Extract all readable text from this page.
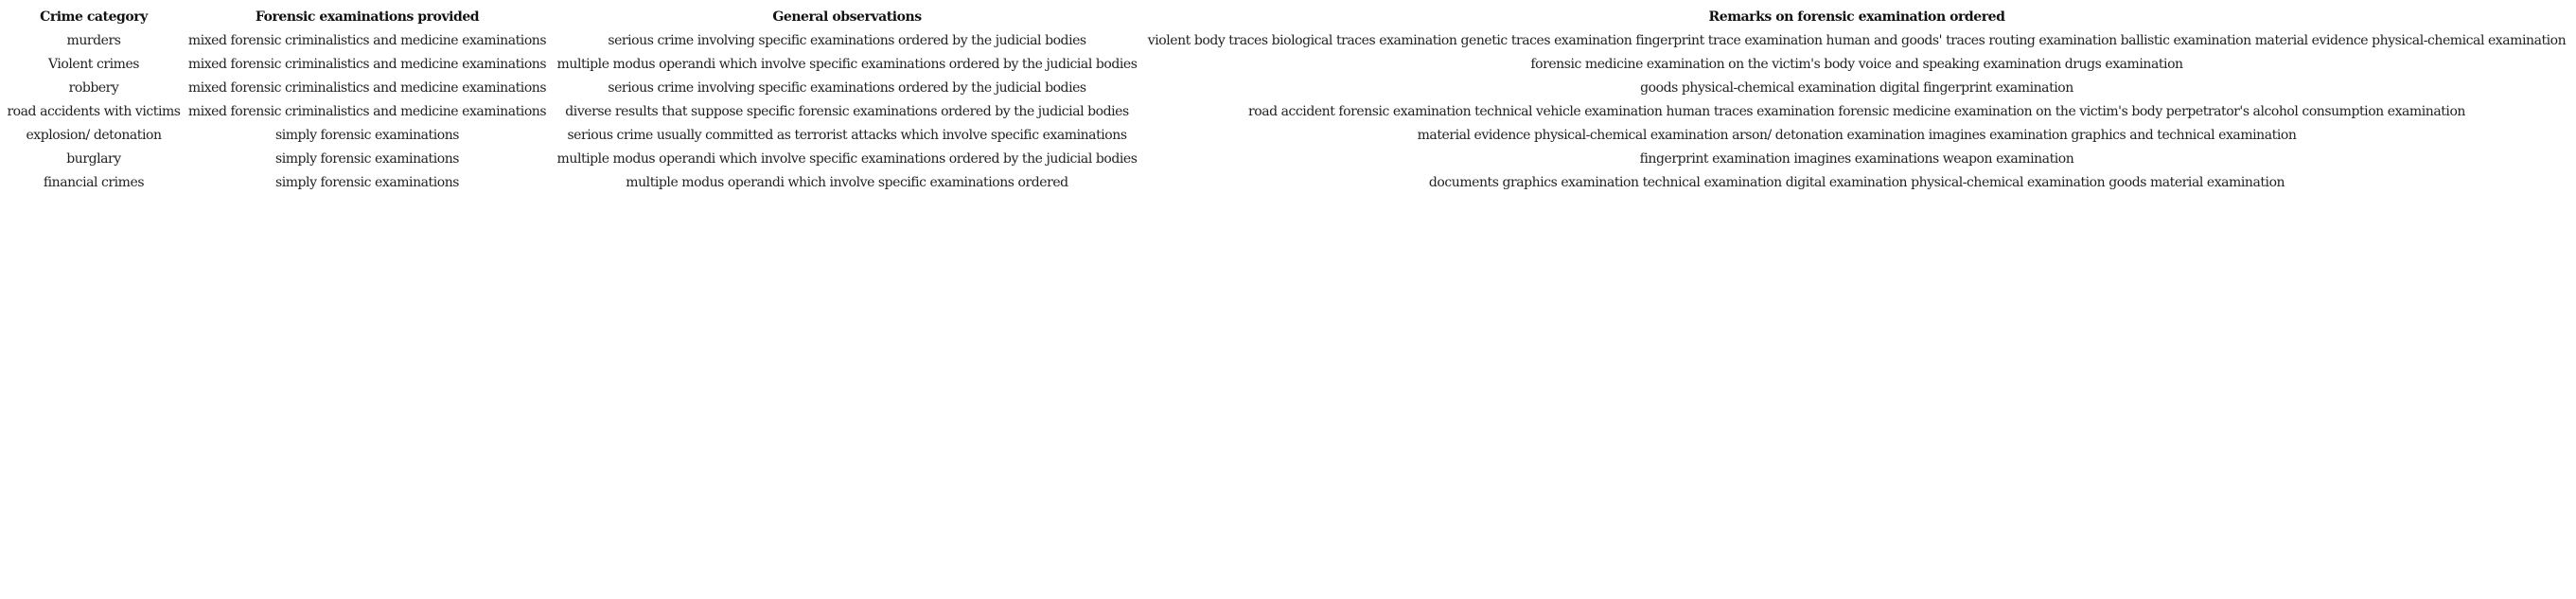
Crime category	Forensic examinations provided	General observations	Remarks on forensic examination ordered
murders	mixed forensic criminalistics and medicine examinations	serious crime involving specific examinations ordered by the judicial bodies	violent body traces biological traces examination genetic traces examination fingerprint trace examination human and goods' traces routing examination ballistic examination material evidence physical-chemical examination
Violent crimes	mixed forensic criminalistics and medicine examinations	multiple modus operandi which involve specific examinations ordered by the judicial bodies	forensic medicine examination on the victim's body voice and speaking examination drugs examination
robbery	mixed forensic criminalistics and medicine examinations	serious crime involving specific examinations ordered by the judicial bodies	goods physical-chemical examination digital fingerprint examination
road accidents with victims	mixed forensic criminalistics and medicine examinations	diverse results that suppose specific forensic examinations ordered by the judicial bodies	road accident forensic examination technical vehicle examination human traces examination forensic medicine examination on the victim's body perpetrator's alcohol consumption examination
explosion/ detonation	simply forensic examinations	serious crime usually committed as terrorist attacks which involve specific examinations	material evidence physical-chemical examination arson/ detonation examination imagines examination graphics and technical examination
burglary	simply forensic examinations	multiple modus operandi which involve specific examinations ordered by the judicial bodies	fingerprint examination imagines examinations weapon examination
financial crimes	simply forensic examinations	multiple modus operandi which involve specific examinations ordered	documents graphics examination technical examination digital examination physical-chemical examination goods material examination
